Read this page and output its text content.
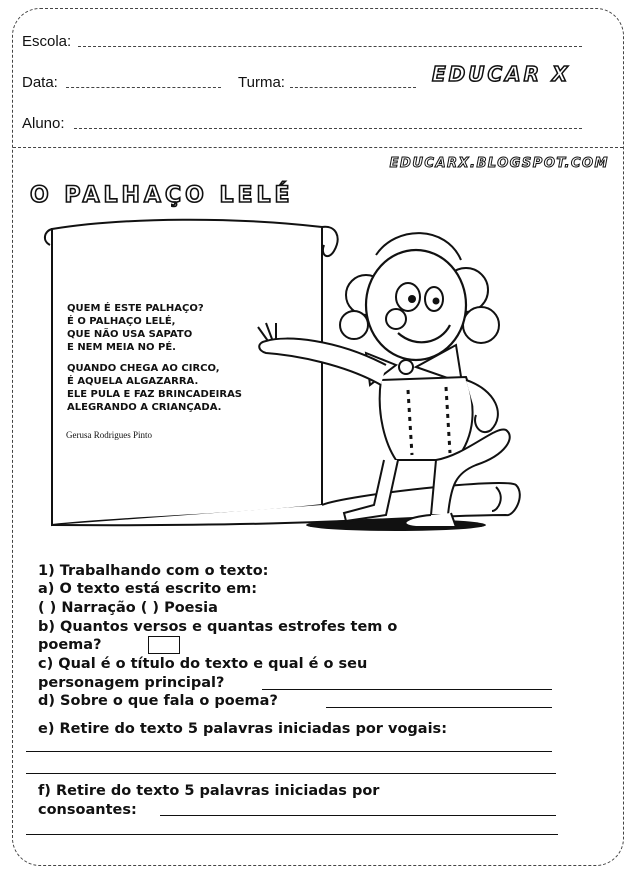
Escola:
Data:	Turma:	EDUCAR X
Aluno:
EDUCARX.BLOGSPOT.COM
O PALHAÇO LELÉ
QUEM É ESTE PALHAÇO?
É O PALHAÇO LELÉ,
QUE NÃO USA SAPATO
E NEM MEIA NO PÉ.
QUANDO CHEGA AO CIRCO,
É AQUELA ALGAZARRA.
ELE PULA E FAZ BRINCADEIRAS
ALEGRANDO A CRIANÇADA.
Gerusa Rodrigues Pinto
1) Trabalhando com o texto:
a) O texto está escrito em:
( ) Narração ( ) Poesia
b) Quantos versos e quantas estrofes tem o
poema?
c) Qual é o título do texto e qual é o seu
personagem principal?
d) Sobre o que fala o poema?
e) Retire do texto 5 palavras iniciadas por vogais:
f) Retire do texto 5 palavras iniciadas por
consoantes:
